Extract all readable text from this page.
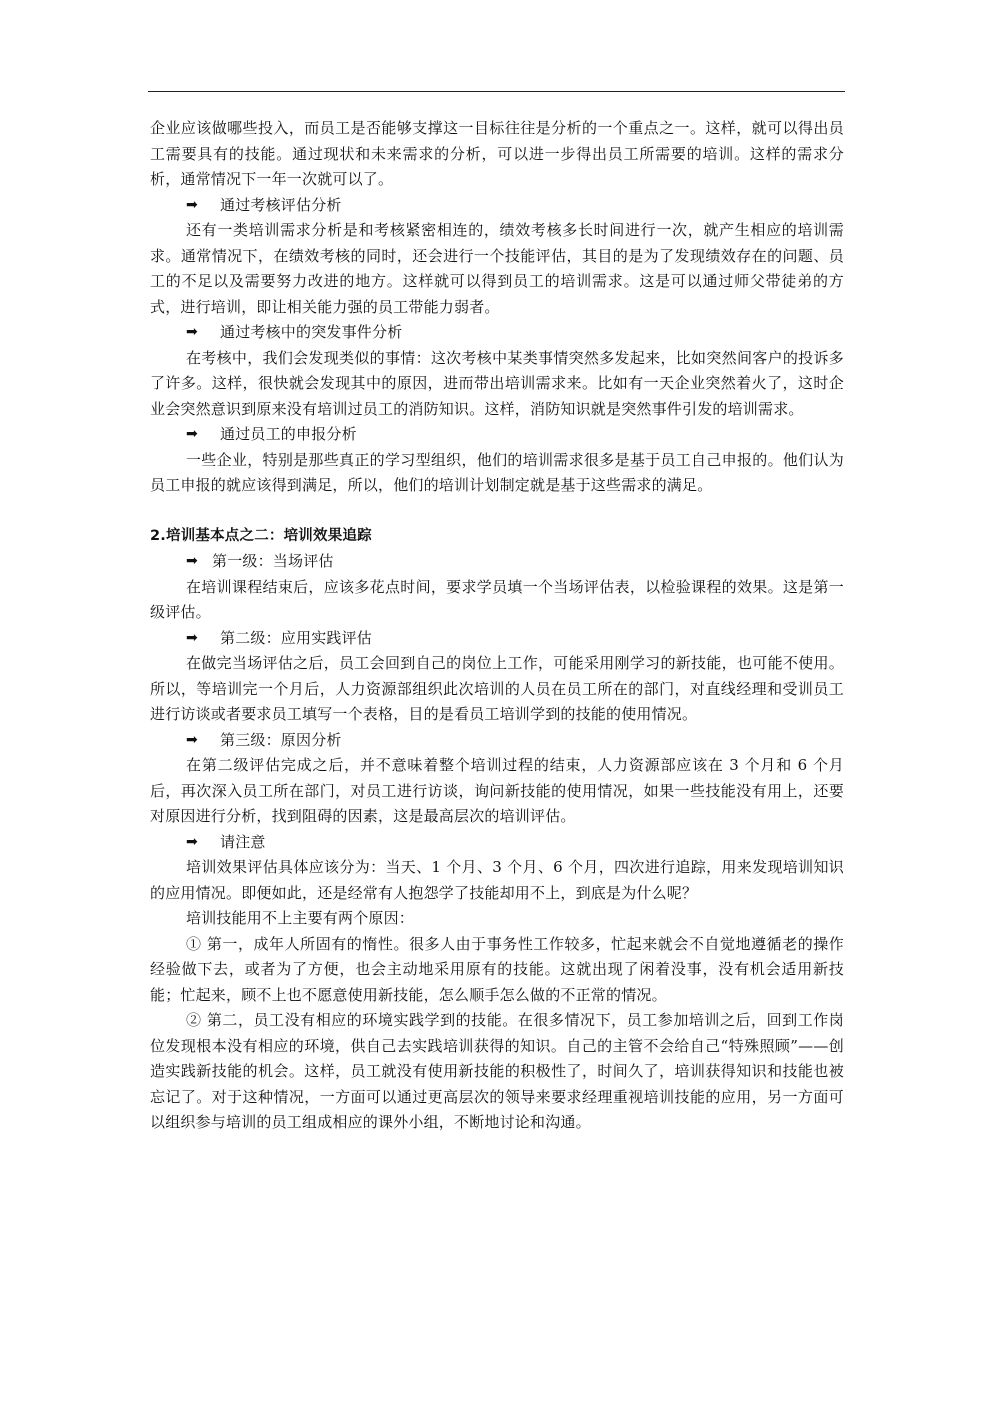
企业应该做哪些投入，而员工是否能够支撑这一目标往往是分析的一个重点之一。这样，就可以得出员工需要具有的技能。通过现状和未来需求的分析，可以进一步得出员工所需要的培训。这样的需求分析，通常情况下一年一次就可以了。

➡	通过考核评估分析

还有一类培训需求分析是和考核紧密相连的，绩效考核多长时间进行一次，就产生相应的培训需求。通常情况下，在绩效考核的同时，还会进行一个技能评估，其目的是为了发现绩效存在的问题、员工的不足以及需要努力改进的地方。这样就可以得到员工的培训需求。这是可以通过师父带徒弟的方式，进行培训，即让相关能力强的员工带能力弱者。

➡	通过考核中的突发事件分析

在考核中，我们会发现类似的事情：这次考核中某类事情突然多发起来，比如突然间客户的投诉多了许多。这样，很快就会发现其中的原因，进而带出培训需求来。比如有一天企业突然着火了，这时企业会突然意识到原来没有培训过员工的消防知识。这样，消防知识就是突然事件引发的培训需求。

➡	通过员工的申报分析

一些企业，特别是那些真正的学习型组织，他们的培训需求很多是基于员工自己申报的。他们认为员工申报的就应该得到满足，所以，他们的培训计划制定就是基于这些需求的满足。

2.培训基本点之二：培训效果追踪

➡ 第一级：当场评估

在培训课程结束后，应该多花点时间，要求学员填一个当场评估表，以检验课程的效果。这是第一级评估。

➡	第二级：应用实践评估

在做完当场评估之后，员工会回到自己的岗位上工作，可能采用刚学习的新技能，也可能不使用。所以，等培训完一个月后，人力资源部组织此次培训的人员在员工所在的部门，对直线经理和受训员工进行访谈或者要求员工填写一个表格，目的是看员工培训学到的技能的使用情况。

➡	第三级：原因分析

在第二级评估完成之后，并不意味着整个培训过程的结束，人力资源部应该在 3 个月和 6 个月后，再次深入员工所在部门，对员工进行访谈，询问新技能的使用情况，如果一些技能没有用上，还要对原因进行分析，找到阻碍的因素，这是最高层次的培训评估。

➡	请注意

培训效果评估具体应该分为：当天、1 个月、3 个月、6 个月，四次进行追踪，用来发现培训知识的应用情况。即便如此，还是经常有人抱怨学了技能却用不上，到底是为什么呢？

培训技能用不上主要有两个原因：

① 第一，成年人所固有的惰性。很多人由于事务性工作较多，忙起来就会不自觉地遵循老的操作经验做下去，或者为了方便，也会主动地采用原有的技能。这就出现了闲着没事，没有机会适用新技能；忙起来，顾不上也不愿意使用新技能，怎么顺手怎么做的不正常的情况。

② 第二，员工没有相应的环境实践学到的技能。在很多情况下，员工参加培训之后，回到工作岗位发现根本没有相应的环境，供自己去实践培训获得的知识。自己的主管不会给自己“特殊照顾”——创造实践新技能的机会。这样，员工就没有使用新技能的积极性了，时间久了，培训获得知识和技能也被忘记了。对于这种情况，一方面可以通过更高层次的领导来要求经理重视培训技能的应用，另一方面可以组织参与培训的员工组成相应的课外小组，不断地讨论和沟通。
